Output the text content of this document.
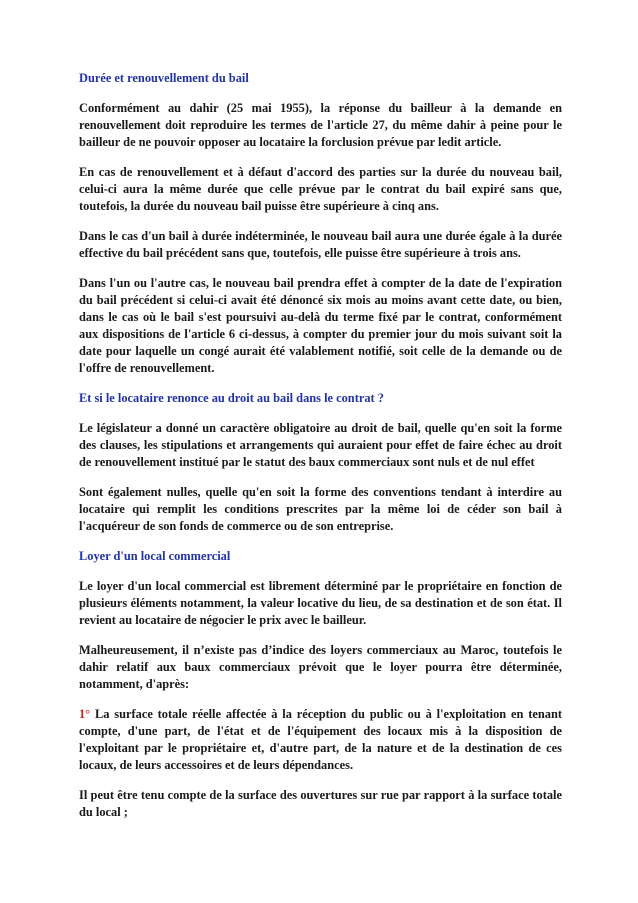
Durée et renouvellement du bail
Conformément au dahir (25 mai 1955), la réponse du bailleur à la demande en renouvellement doit reproduire les termes de l'article 27, du même dahir à peine pour le bailleur de ne pouvoir opposer au locataire la forclusion prévue par ledit article.
En cas de renouvellement et à défaut d'accord des parties sur la durée du nouveau bail, celui-ci aura la même durée que celle prévue par le contrat du bail expiré sans que, toutefois, la durée du nouveau bail puisse être supérieure à cinq ans.
Dans le cas d'un bail à durée indéterminée, le nouveau bail aura une durée égale à la durée effective du bail précédent sans que, toutefois, elle puisse être supérieure à trois ans.
Dans l'un ou l'autre cas, le nouveau bail prendra effet à compter de la date de l'expiration du bail précédent si celui-ci avait été dénoncé six mois au moins avant cette date, ou bien, dans le cas où le bail s'est poursuivi au-delà du terme fixé par le contrat, conformément aux dispositions de l'article 6 ci-dessus, à compter du premier jour du mois suivant soit la date pour laquelle un congé aurait été valablement notifié, soit celle de la demande ou de l'offre de renouvellement.
Et si le locataire renonce au droit au bail dans le contrat ?
Le législateur a donné un caractère obligatoire au droit de bail, quelle qu'en soit la forme des clauses, les stipulations et arrangements qui auraient pour effet de faire échec au droit de renouvellement institué par le statut des baux commerciaux sont nuls et de nul effet
Sont également nulles, quelle qu'en soit la forme des conventions tendant à interdire au locataire qui remplit les conditions prescrites par la même loi de céder son bail à l'acquéreur de son fonds de commerce ou de son entreprise.
Loyer d'un local commercial
Le loyer d'un local commercial est librement déterminé par le propriétaire en fonction de plusieurs éléments notamment, la valeur locative du lieu, de sa destination et de son état. Il revient au locataire de négocier le prix avec le bailleur.
Malheureusement, il n’existe pas d’indice des loyers commerciaux au Maroc, toutefois le dahir relatif aux baux commerciaux prévoit que le loyer pourra être déterminée, notamment, d'après:
1° La surface totale réelle affectée à la réception du public ou à l'exploitation en tenant compte, d'une part, de l'état et de l'équipement des locaux mis à la disposition de l'exploitant par le propriétaire et, d'autre part, de la nature et de la destination de ces locaux, de leurs accessoires et de leurs dépendances.
Il peut être tenu compte de la surface des ouvertures sur rue par rapport à la surface totale du local ;
